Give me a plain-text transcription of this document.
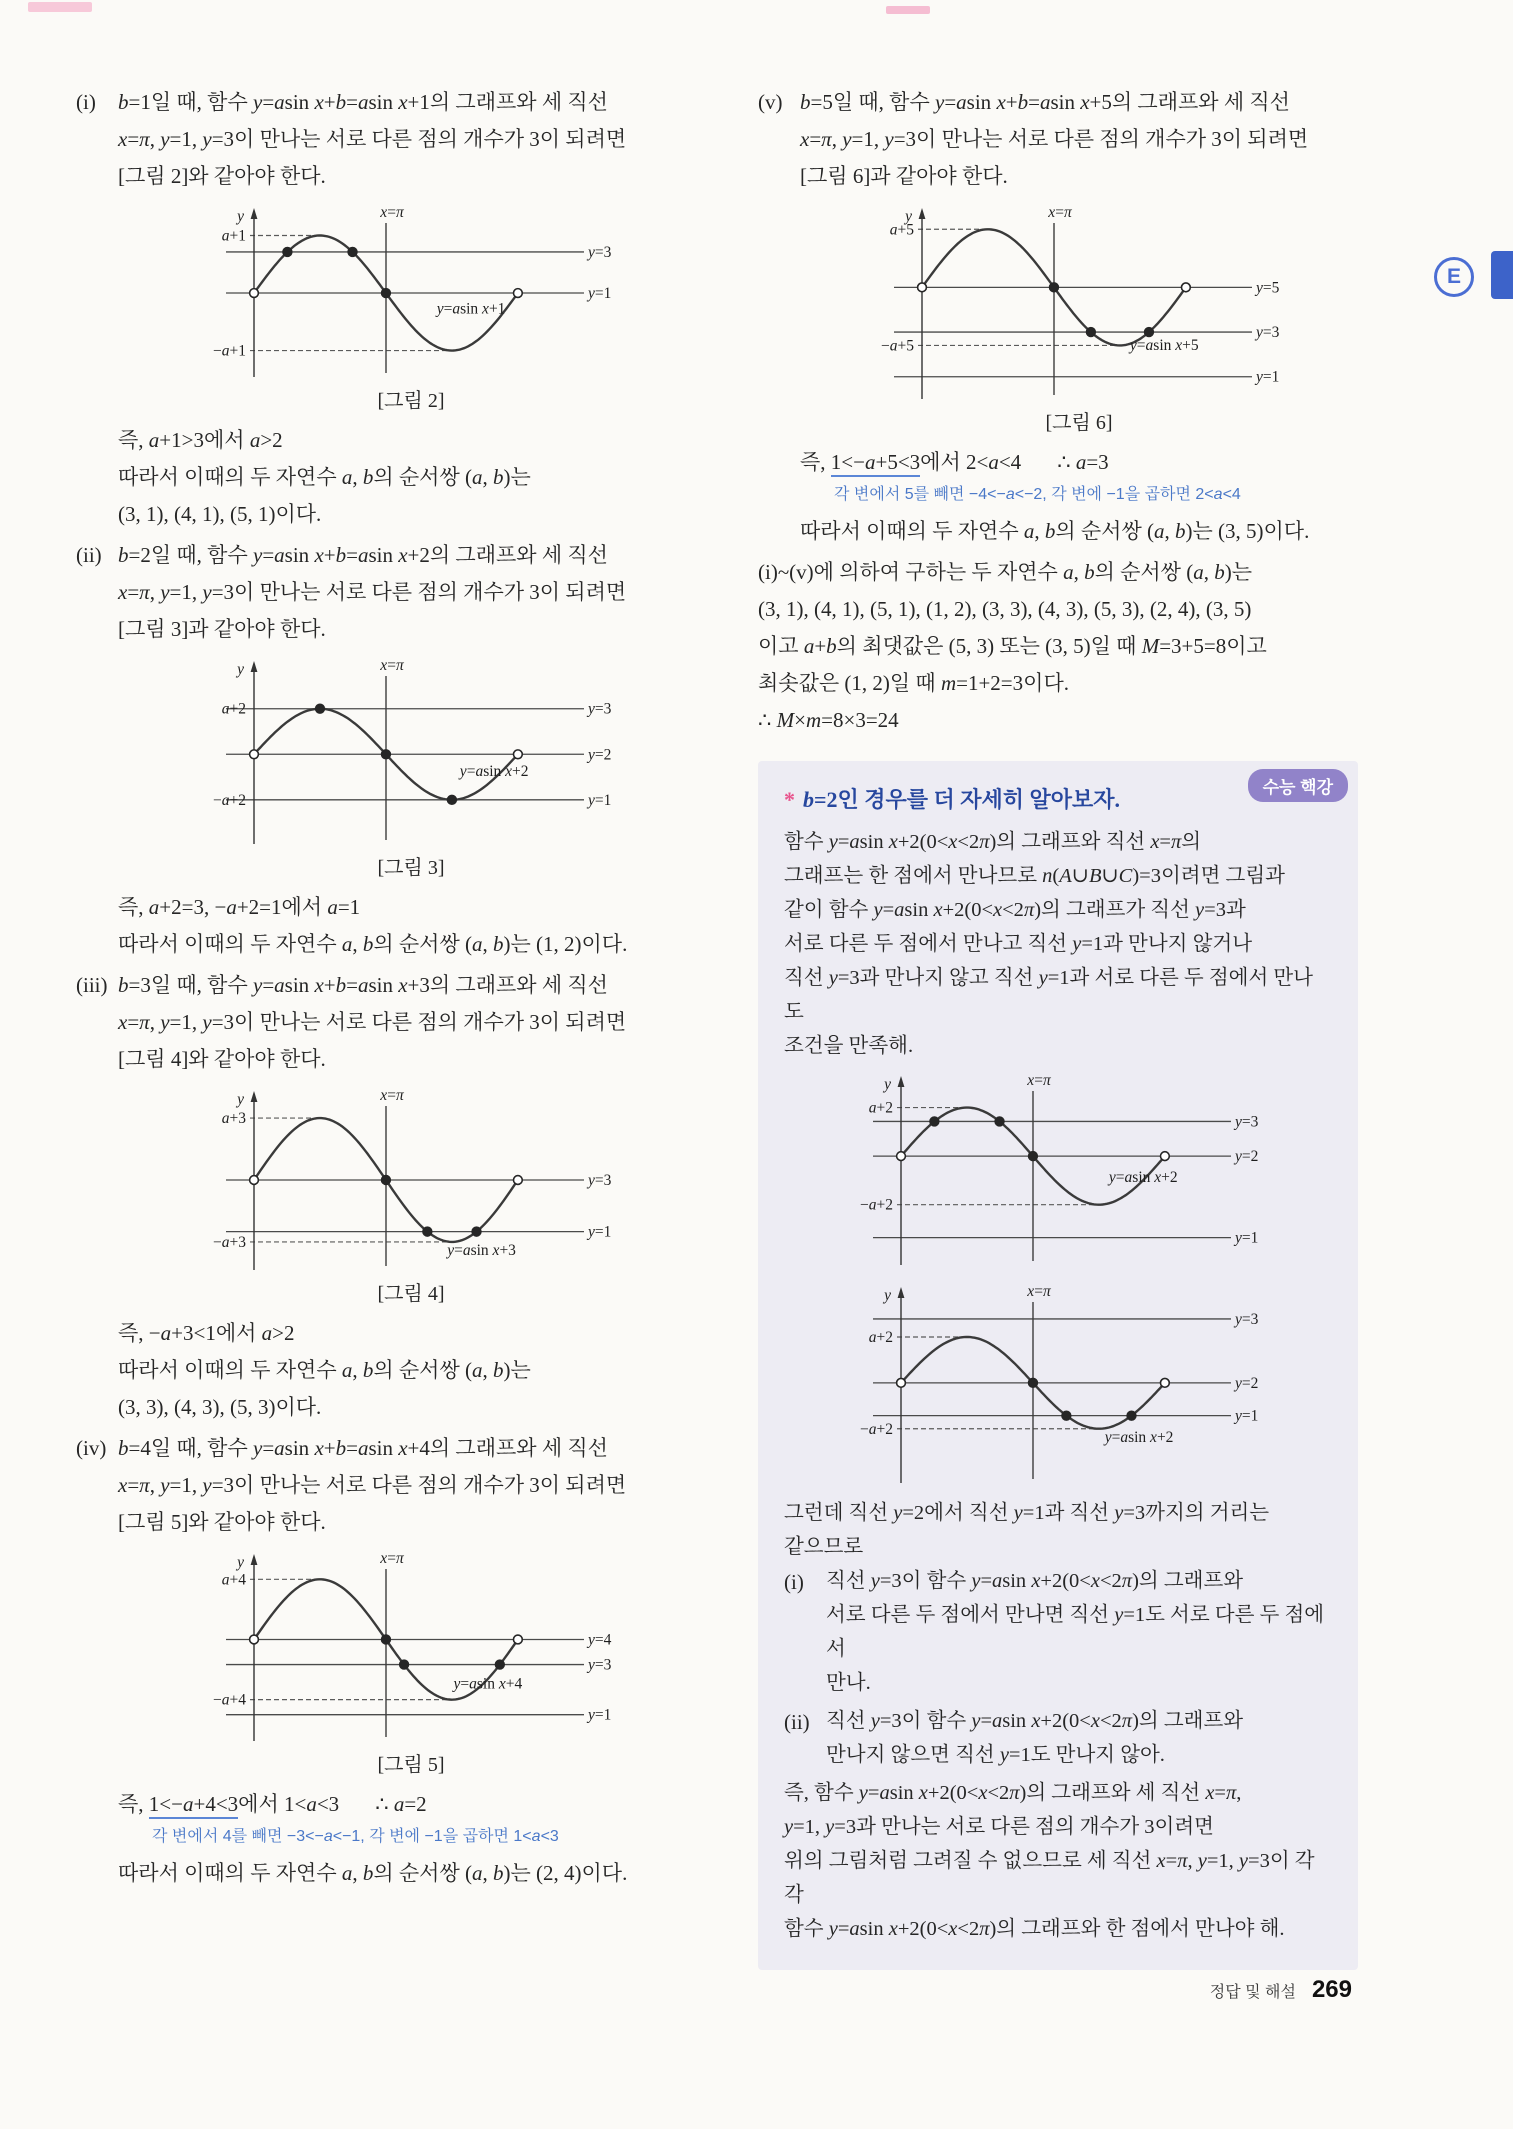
(i) b=1일 때, 함수 y=asin x+b=asin x+1의 그래프와 세 직선
x=π, y=1, y=3이 만나는 서로 다른 점의 개수가 3이 되려면
[그림 2]와 같아야 한다.
y=3
y=1
a+1
−a+1
y	x=π
y=asin x+1
[그림 2]
즉, a+1>3에서 a>2
따라서 이때의 두 자연수 a, b의 순서쌍 (a, b)는
(3, 1), (4, 1), (5, 1)이다.
(ii) b=2일 때, 함수 y=asin x+b=asin x+2의 그래프와 세 직선
x=π, y=1, y=3이 만나는 서로 다른 점의 개수가 3이 되려면
[그림 3]과 같아야 한다.
y=3
a+2
y=2
y=1
−a+2
y	x=π
y=asin x+2
[그림 3]
즉, a+2=3, −a+2=1에서 a=1
따라서 이때의 두 자연수 a, b의 순서쌍 (a, b)는 (1, 2)이다.
(iii) b=3일 때, 함수 y=asin x+b=asin x+3의 그래프와 세 직선
x=π, y=1, y=3이 만나는 서로 다른 점의 개수가 3이 되려면
[그림 4]와 같아야 한다.
y=3
y=1
a+3
−a+3
y	x=π
y=asin x+3
[그림 4]
즉, −a+3<1에서 a>2
따라서 이때의 두 자연수 a, b의 순서쌍 (a, b)는
(3, 3), (4, 3), (5, 3)이다.
(iv) b=4일 때, 함수 y=asin x+b=asin x+4의 그래프와 세 직선
x=π, y=1, y=3이 만나는 서로 다른 점의 개수가 3이 되려면
[그림 5]와 같아야 한다.
y=4
y=3
y=1
a+4
−a+4
y	x=π
y=asin x+4
[그림 5]
즉, 1<−a+4<3에서 1<a<3 ∴ a=2
각 변에서 4를 빼면 −3<−a<−1, 각 변에 −1을 곱하면 1<a<3
따라서 이때의 두 자연수 a, b의 순서쌍 (a, b)는 (2, 4)이다.
(v) b=5일 때, 함수 y=asin x+b=asin x+5의 그래프와 세 직선
x=π, y=1, y=3이 만나는 서로 다른 점의 개수가 3이 되려면
[그림 6]과 같아야 한다.
y=5
y=3
y=1
a+5
−a+5
y	x=π
y=asin x+5
[그림 6]
즉, 1<−a+5<3에서 2<a<4 ∴ a=3
각 변에서 5를 빼면 −4<−a<−2, 각 변에 −1을 곱하면 2<a<4
따라서 이때의 두 자연수 a, b의 순서쌍 (a, b)는 (3, 5)이다.
(i)~(v)에 의하여 구하는 두 자연수 a, b의 순서쌍 (a, b)는
(3, 1), (4, 1), (5, 1), (1, 2), (3, 3), (4, 3), (5, 3), (2, 4), (3, 5)
이고 a+b의 최댓값은 (5, 3) 또는 (3, 5)일 때 M=3+5=8이고
최솟값은 (1, 2)일 때 m=1+2=3이다.
∴ M×m=8×3=24
수능 핵강
* b=2인 경우를 더 자세히 알아보자.
함수 y=asin x+2(0<x<2π)의 그래프와 직선 x=π의
그래프는 한 점에서 만나므로 n(A∪B∪C)=3이려면 그림과
같이 함수 y=asin x+2(0<x<2π)의 그래프가 직선 y=3과
서로 다른 두 점에서 만나고 직선 y=1과 만나지 않거나
직선 y=3과 만나지 않고 직선 y=1과 서로 다른 두 점에서 만나도
조건을 만족해.
y=3
y=2
y=1
a+2
−a+2
y	x=π
y=asin x+2
y=3
y=2
y=1
a+2
−a+2
y	x=π
y=asin x+2
그런데 직선 y=2에서 직선 y=1과 직선 y=3까지의 거리는
같으므로
(i) 직선 y=3이 함수 y=asin x+2(0<x<2π)의 그래프와
서로 다른 두 점에서 만나면 직선 y=1도 서로 다른 두 점에서
만나.
(ii) 직선 y=3이 함수 y=asin x+2(0<x<2π)의 그래프와
만나지 않으면 직선 y=1도 만나지 않아.
즉, 함수 y=asin x+2(0<x<2π)의 그래프와 세 직선 x=π,
y=1, y=3과 만나는 서로 다른 점의 개수가 3이려면
위의 그림처럼 그려질 수 없으므로 세 직선 x=π, y=1, y=3이 각각
함수 y=asin x+2(0<x<2π)의 그래프와 한 점에서 만나야 해.
정답 및 해설 269
E
